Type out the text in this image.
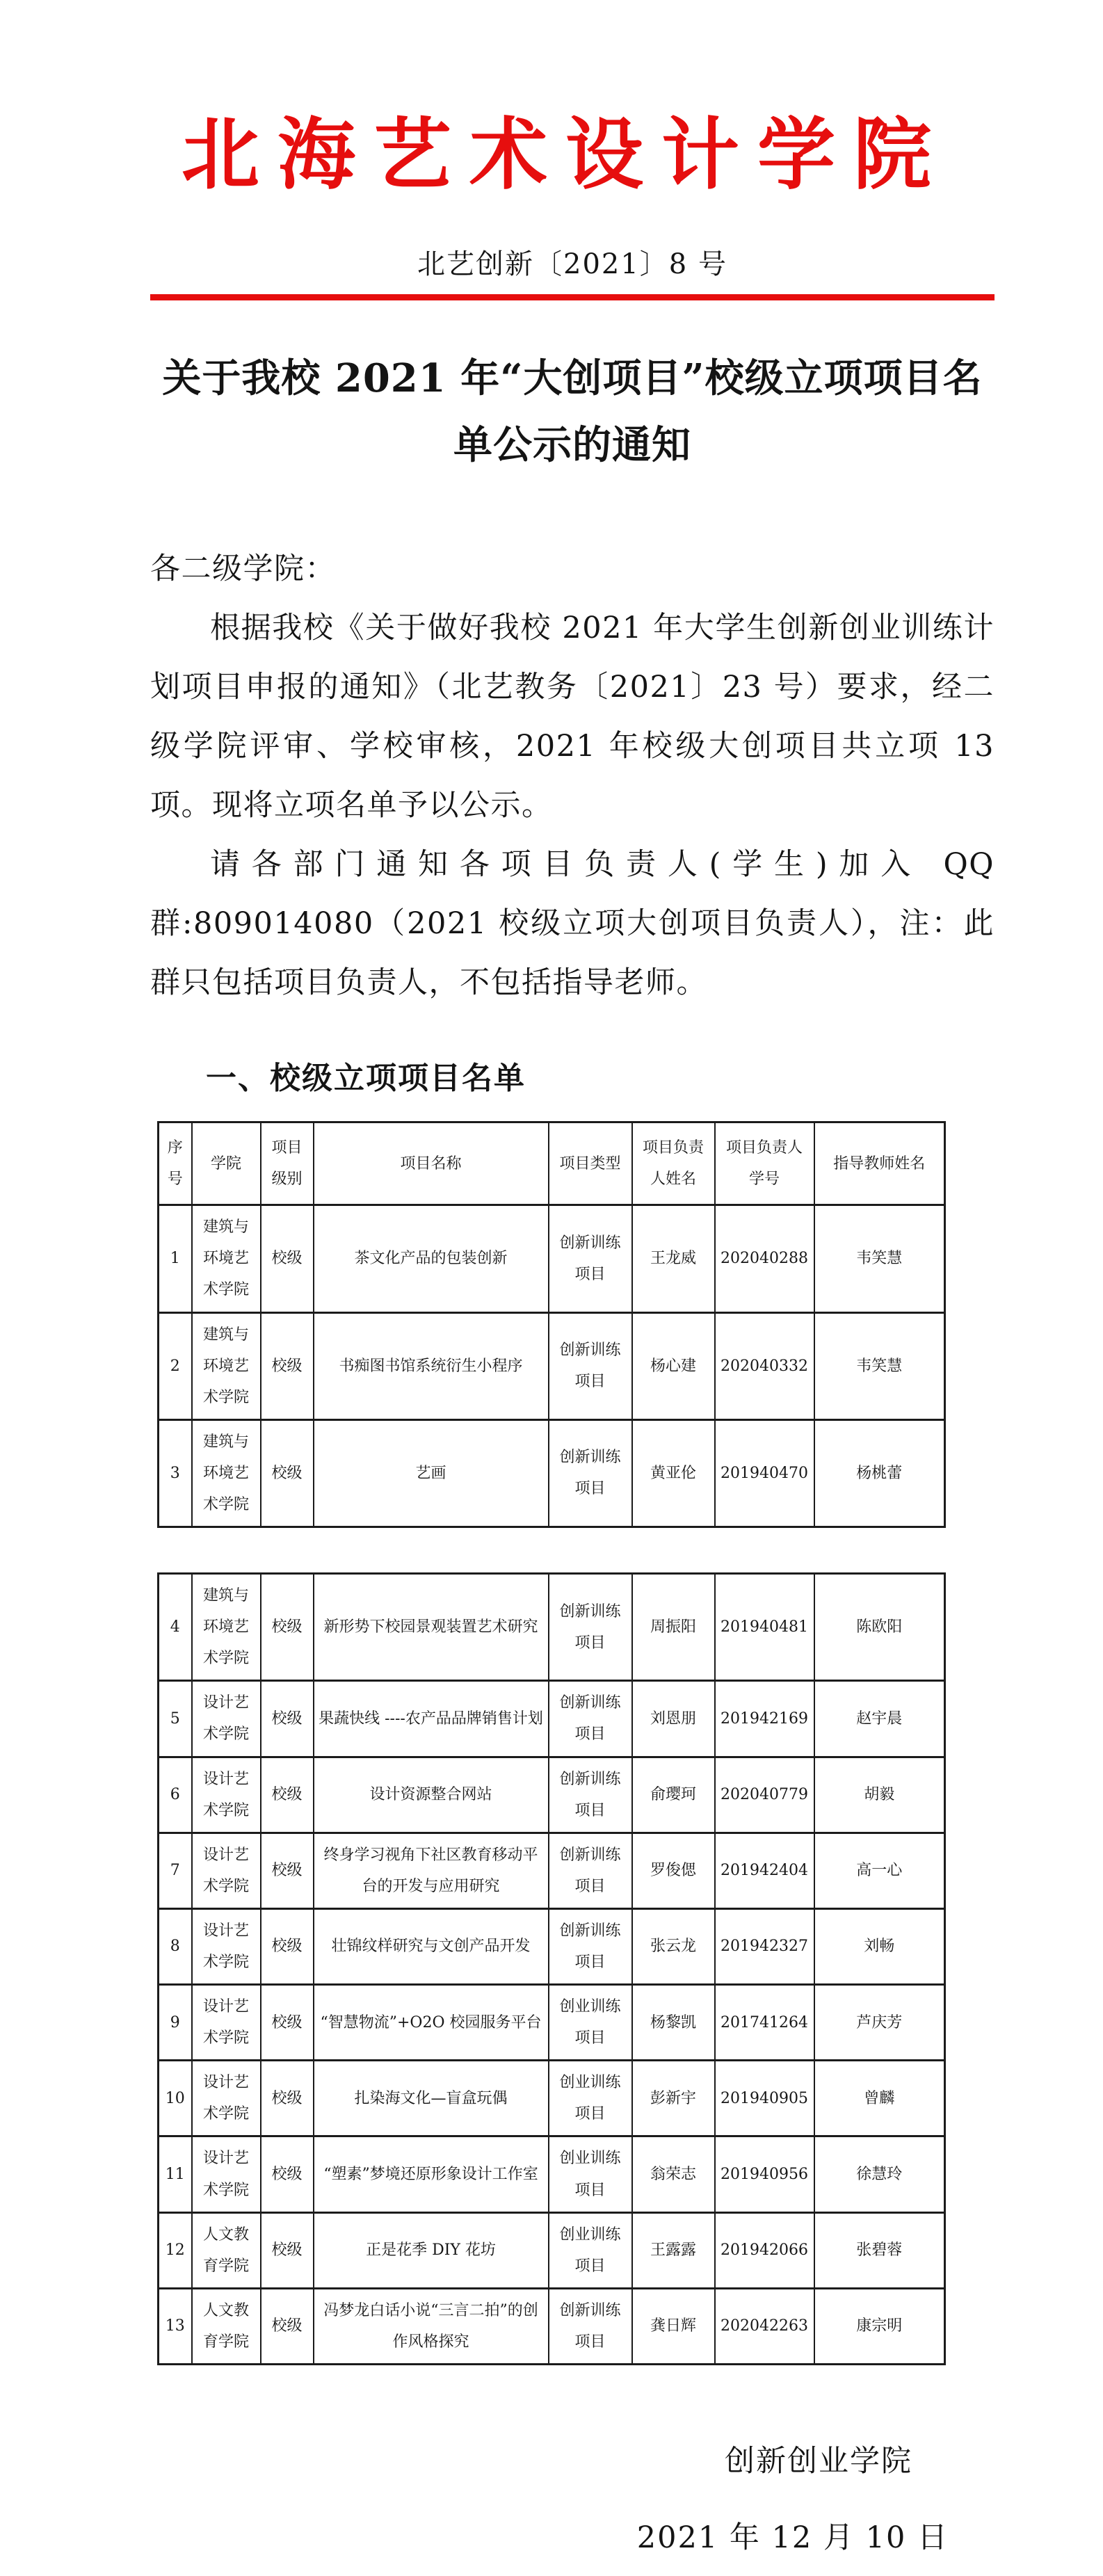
北海艺术设计学院
北艺创新〔2021〕8 号
关于我校 2021 年“大创项目”校级立项项目名单公示的通知

各二级学院：

根据我校《关于做好我校 2021 年大学生创新创业训练计划项目申报的通知》（北艺教务〔2021〕23 号）要求，经二级学院评审、学校审核，2021 年校级大创项目共立项 13 项。现将立项名单予以公示。

请各部门通知各项目负责人(学生)加入 QQ 群:809014080（2021 校级立项大创项目负责人），注：此群只包括项目负责人，不包括指导老师。

一、校级立项项目名单
序号	学院	项目级别	项目名称	项目类型	项目负责人姓名	项目负责人学号	指导教师姓名
1	建筑与环境艺术学院	校级	茶文化产品的包装创新	创新训练项目	王龙威	202040288	韦笑慧
2	建筑与环境艺术学院	校级	书痴图书馆系统衍生小程序	创新训练项目	杨心建	202040332	韦笑慧
3	建筑与环境艺术学院	校级	艺画	创新训练项目	黄亚伦	201940470	杨桃蕾
4	建筑与环境艺术学院	校级	新形势下校园景观装置艺术研究	创新训练项目	周振阳	201940481	陈欧阳
5	设计艺术学院	校级	果蔬快线 ----农产品品牌销售计划	创新训练项目	刘恩朋	201942169	赵宇晨
6	设计艺术学院	校级	设计资源整合网站	创新训练项目	俞璎珂	202040779	胡毅
7	设计艺术学院	校级	终身学习视角下社区教育移动平台的开发与应用研究	创新训练项目	罗俊偲	201942404	高一心
8	设计艺术学院	校级	壮锦纹样研究与文创产品开发	创新训练项目	张云龙	201942327	刘畅
9	设计艺术学院	校级	“智慧物流”+O2O 校园服务平台	创业训练项目	杨黎凯	201741264	芦庆芳
10	设计艺术学院	校级	扎染海文化—盲盒玩偶	创业训练项目	彭新宇	201940905	曾麟
11	设计艺术学院	校级	“塑素”梦境还原形象设计工作室	创业训练项目	翁荣志	201940956	徐慧玲
12	人文教育学院	校级	正是花季 DIY 花坊	创业训练项目	王露露	201942066	张碧蓉
13	人文教育学院	校级	冯梦龙白话小说“三言二拍”的创作风格探究	创新训练项目	龚日辉	202042263	康宗明
创新创业学院
2021 年 12 月 10 日
